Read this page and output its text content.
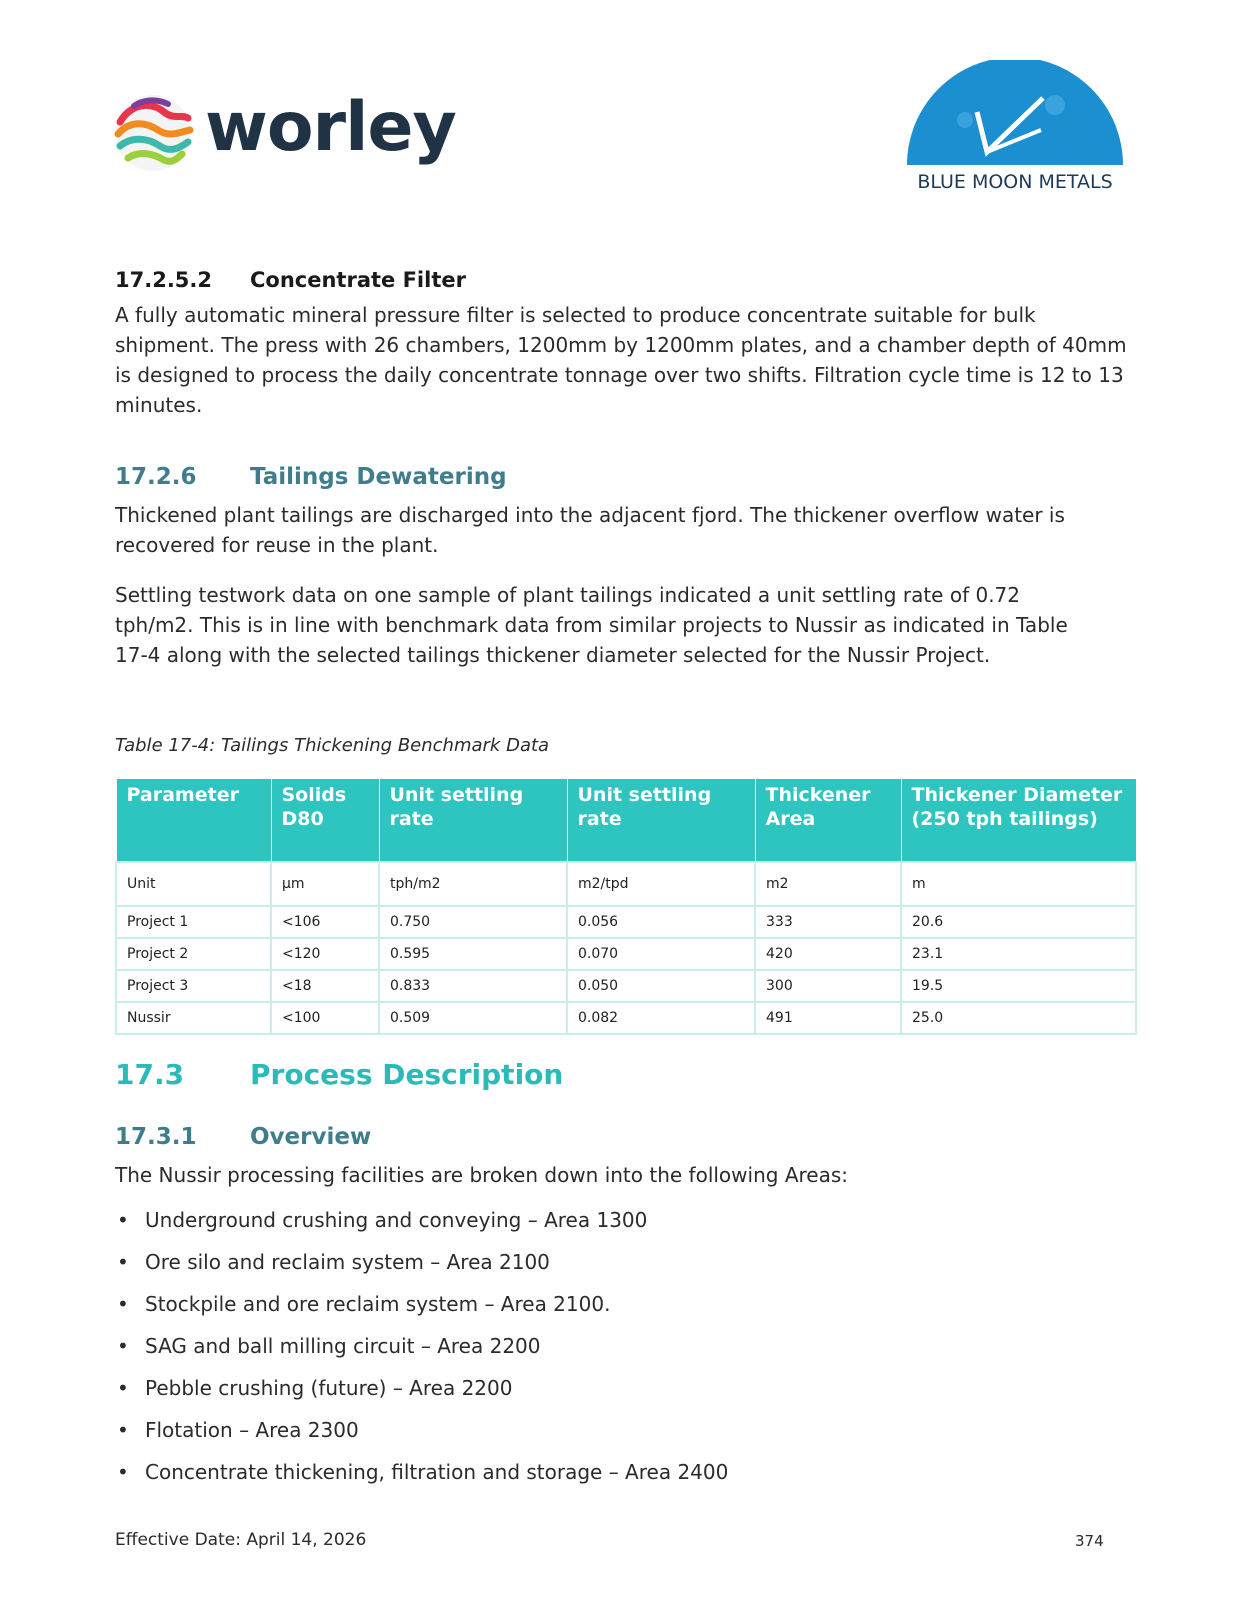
worley
BLUE MOON METALS
17.2.5.2 Concentrate Filter
A fully automatic mineral pressure filter is selected to produce concentrate suitable for bulk shipment. The press with 26 chambers, 1200mm by 1200mm plates, and a chamber depth of 40mm is designed to process the daily concentrate tonnage over two shifts. Filtration cycle time is 12 to 13 minutes.
17.2.6 Tailings Dewatering
Thickened plant tailings are discharged into the adjacent fjord. The thickener overflow water is recovered for reuse in the plant.
Settling testwork data on one sample of plant tailings indicated a unit settling rate of 0.72 tph/m2. This is in line with benchmark data from similar projects to Nussir as indicated in Table 17-4 along with the selected tailings thickener diameter selected for the Nussir Project.
Table 17-4: Tailings Thickening Benchmark Data
Parameter	Solids D80	Unit settling rate	Unit settling rate	Thickener Area	Thickener Diameter (250 tph tailings)
Unit	µm	tph/m2	m2/tpd	m2	m
Project 1	<106	0.750	0.056	333	20.6
Project 2	<120	0.595	0.070	420	23.1
Project 3	<18	0.833	0.050	300	19.5
Nussir	<100	0.509	0.082	491	25.0
17.3 Process Description
17.3.1 Overview
The Nussir processing facilities are broken down into the following Areas:
• Underground crushing and conveying – Area 1300
• Ore silo and reclaim system – Area 2100
• Stockpile and ore reclaim system – Area 2100.
• SAG and ball milling circuit – Area 2200
• Pebble crushing (future) – Area 2200
• Flotation – Area 2300
• Concentrate thickening, filtration and storage – Area 2400
Effective Date: April 14, 2026	374
